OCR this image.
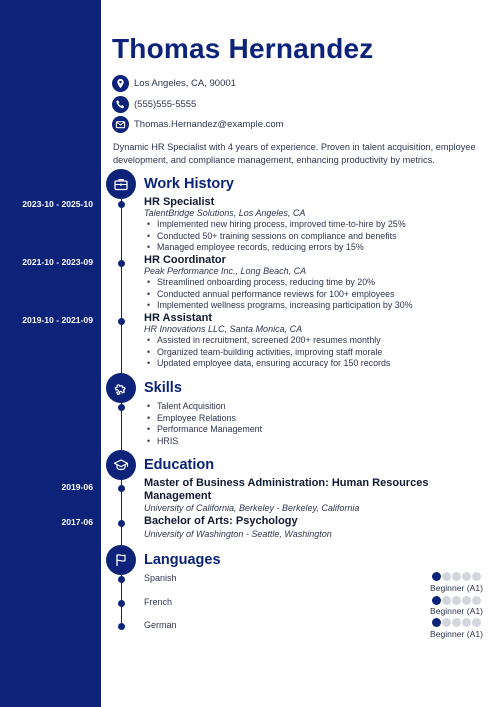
Thomas Hernandez
Los Angeles, CA, 90001
(555)555-5555
Thomas.Hernandez@example.com
Dynamic HR Specialist with 4 years of experience. Proven in talent acquisition, employee development, and compliance management, enhancing productivity by metrics.
Work History
2023-10 - 2025-10	HR Specialist
TalentBridge Solutions, Los Angeles, CA
• Implemented new hiring process, improved time-to-hire by 25%
• Conducted 50+ training sessions on compliance and benefits
• Managed employee records, reducing errors by 15%
2021-10 - 2023-09	HR Coordinator
Peak Performance Inc., Long Beach, CA
• Streamlined onboarding process, reducing time by 20%
• Conducted annual performance reviews for 100+ employees
• Implemented wellness programs, increasing participation by 30%
2019-10 - 2021-09	HR Assistant
HR Innovations LLC, Santa Monica, CA
• Assisted in recruitment, screened 200+ resumes monthly
• Organized team-building activities, improving staff morale
• Updated employee data, ensuring accuracy for 150 records
Skills
• Talent Acquisition
• Employee Relations
• Performance Management
• HRIS
Education
2019-06	Master of Business Administration: Human Resources Management
University of California, Berkeley - Berkeley, California
2017-06	Bachelor of Arts: Psychology
University of Washington - Seattle, Washington
Languages
Spanish
Beginner (A1)
French
Beginner (A1)
German
Beginner (A1)
